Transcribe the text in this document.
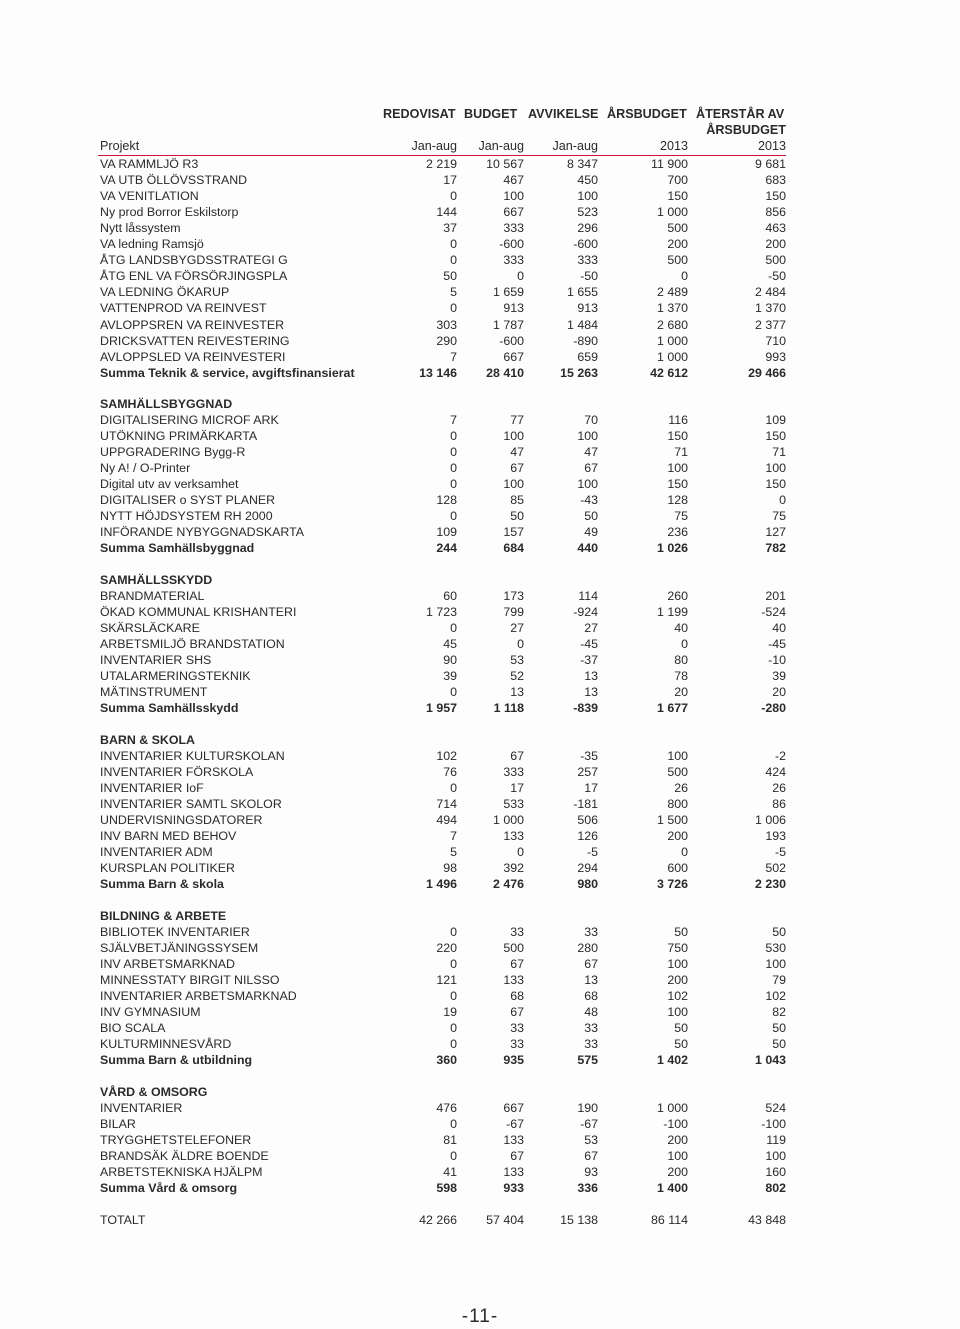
REDOVISAT BUDGET AVVIKELSE ÅRSBUDGET ÅTERSTÅR AV
ÅRSBUDGET
Projekt	Jan-aug	Jan-aug	Jan-aug	2013	2013
VA RAMMLJÖ R3	2 219	10 567	8 347	11 900	9 681
VA UTB ÖLLÖVSSTRAND	17	467	450	700	683
VA VENITLATION	0	100	100	150	150
Ny prod Borror Eskilstorp	144	667	523	1 000	856
Nytt låssystem	37	333	296	500	463
VA ledning Ramsjö	0	-600	-600	200	200
ÅTG LANDSBYGDSSTRATEGI G	0	333	333	500	500
ÅTG ENL VA FÖRSÖRJINGSPLA	50	0	-50	0	-50
VA LEDNING ÖKARUP	5	1 659	1 655	2 489	2 484
VATTENPROD VA REINVEST	0	913	913	1 370	1 370
AVLOPPSREN VA REINVESTER	303	1 787	1 484	2 680	2 377
DRICKSVATTEN REIVESTERING	290	-600	-890	1 000	710
AVLOPPSLED VA REINVESTERI	7	667	659	1 000	993
Summa Teknik & service, avgiftsfinansierat	13 146	28 410	15 263	42 612	29 466
SAMHÄLLSBYGGNAD
DIGITALISERING MICROF ARK	7	77	70	116	109
UTÖKNING PRIMÄRKARTA	0	100	100	150	150
UPPGRADERING Bygg-R	0	47	47	71	71
Ny A! / O-Printer	0	67	67	100	100
Digital utv av verksamhet	0	100	100	150	150
DIGITALISER o SYST PLANER	128	85	-43	128	0
NYTT HÖJDSYSTEM RH 2000	0	50	50	75	75
INFÖRANDE NYBYGGNADSKARTA	109	157	49	236	127
Summa Samhällsbyggnad	244	684	440	1 026	782
SAMHÄLLSSKYDD
BRANDMATERIAL	60	173	114	260	201
ÖKAD KOMMUNAL KRISHANTERI	1 723	799	-924	1 199	-524
SKÄRSLÄCKARE	0	27	27	40	40
ARBETSMILJÖ BRANDSTATION	45	0	-45	0	-45
INVENTARIER SHS	90	53	-37	80	-10
UTALARMERINGSTEKNIK	39	52	13	78	39
MÄTINSTRUMENT	0	13	13	20	20
Summa Samhällsskydd	1 957	1 118	-839	1 677	-280
BARN & SKOLA
INVENTARIER KULTURSKOLAN	102	67	-35	100	-2
INVENTARIER FÖRSKOLA	76	333	257	500	424
INVENTARIER IoF	0	17	17	26	26
INVENTARIER SAMTL SKOLOR	714	533	-181	800	86
UNDERVISNINGSDATORER	494	1 000	506	1 500	1 006
INV BARN MED BEHOV	7	133	126	200	193
INVENTARIER ADM	5	0	-5	0	-5
KURSPLAN POLITIKER	98	392	294	600	502
Summa Barn & skola	1 496	2 476	980	3 726	2 230
BILDNING & ARBETE
BIBLIOTEK INVENTARIER	0	33	33	50	50
SJÄLVBETJÄNINGSSYSEM	220	500	280	750	530
INV ARBETSMARKNAD	0	67	67	100	100
MINNESSTATY BIRGIT NILSSO	121	133	13	200	79
INVENTARIER ARBETSMARKNAD	0	68	68	102	102
INV GYMNASIUM	19	67	48	100	82
BIO SCALA	0	33	33	50	50
KULTURMINNESVÅRD	0	33	33	50	50
Summa Barn & utbildning	360	935	575	1 402	1 043
VÅRD & OMSORG
INVENTARIER	476	667	190	1 000	524
BILAR	0	-67	-67	-100	-100
TRYGGHETSTELEFONER	81	133	53	200	119
BRANDSÄK ÄLDRE BOENDE	0	67	67	100	100
ARBETSTEKNISKA HJÄLPM	41	133	93	200	160
Summa Vård & omsorg	598	933	336	1 400	802
TOTALT	42 266	57 404	15 138	86 114	43 848
-11-
